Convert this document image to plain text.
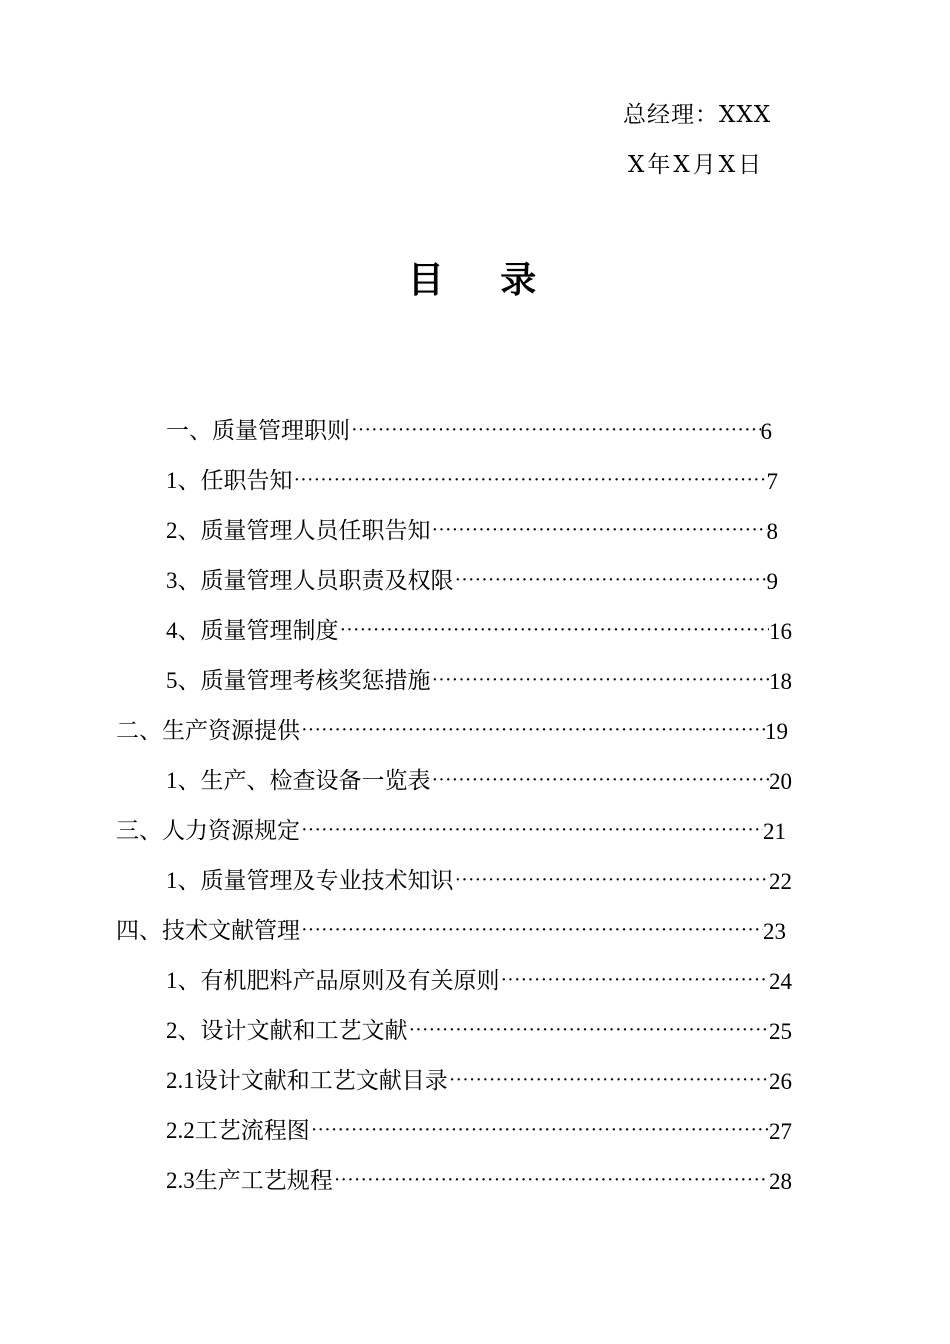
总经理：XXX
X年X月X日
目 录
一、质量管理职则 ·····	6
1、任职告知 ·····	7
2、质量管理人员任职告知 ·····	8
3、质量管理人员职责及权限 ·····	9
4、质量管理制度 ·····	16
5、质量管理考核奖惩措施 ·····	18
二、生产资源提供 ·····	19
1、生产、检查设备一览表 ·····	20
三、人力资源规定 ·····	21
1、质量管理及专业技术知识 ·····	22
四、技术文献管理 ·····	23
1、有机肥料产品原则及有关原则 ·····	24
2、设计文献和工艺文献 ·····	25
2.1设计文献和工艺文献目录 ·····	26
2.2工艺流程图 ·····	27
2.3生产工艺规程 ·····	28
